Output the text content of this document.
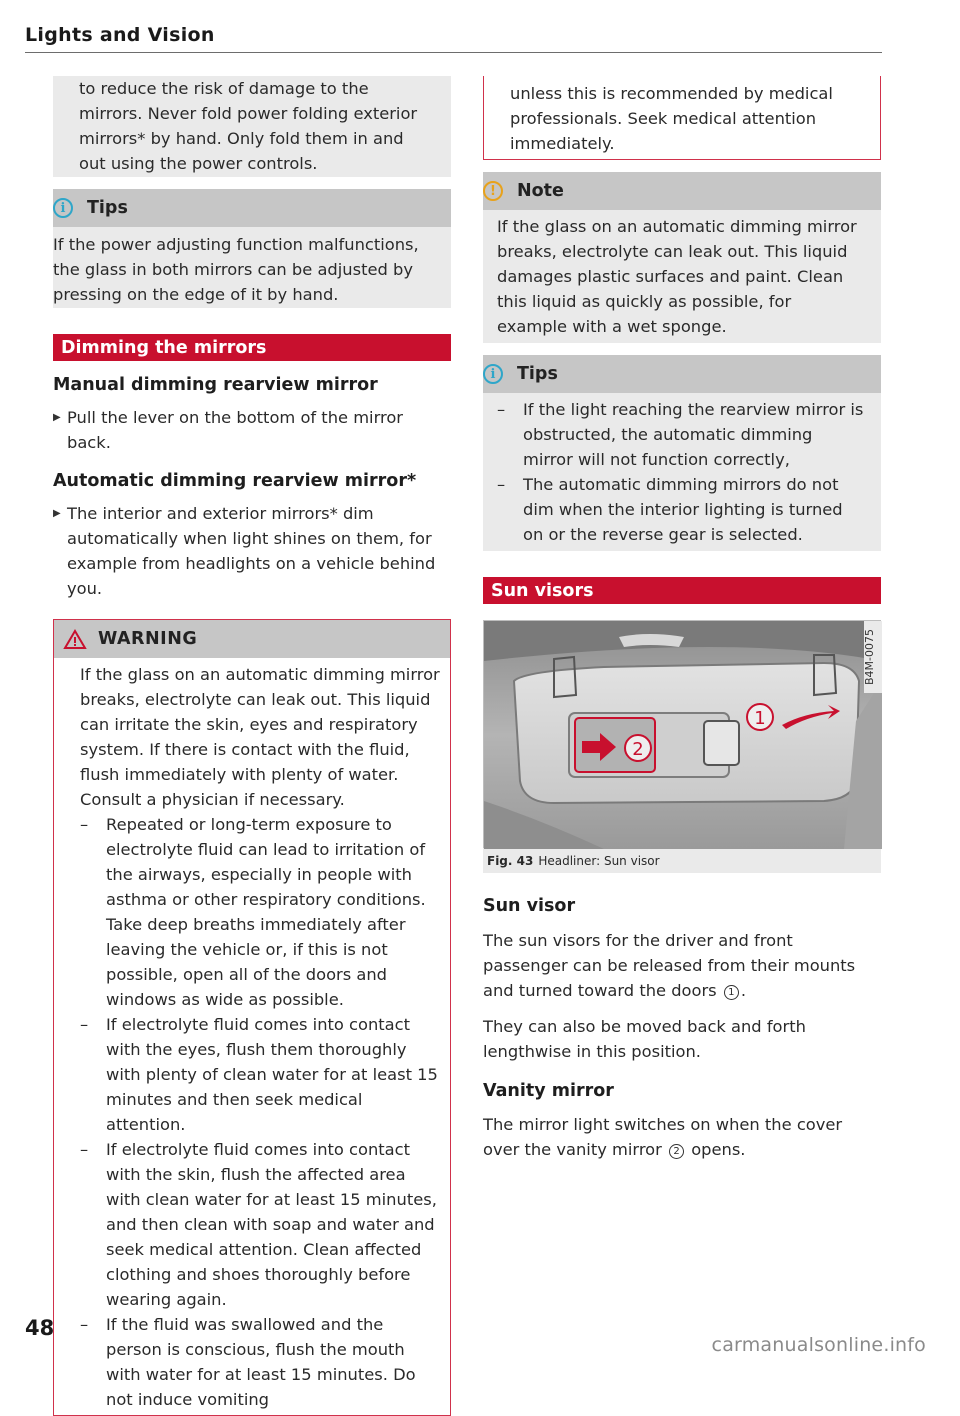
Lights and Vision

to reduce the risk of damage to the mirrors. Never fold power folding exterior mirrors* by hand. Only fold them in and out using the power controls.

i	Tips

If the power adjusting function malfunctions, the glass in both mirrors can be adjusted by pressing on the edge of it by hand.

Dimming the mirrors
Manual dimming rearview mirror

▶ Pull the lever on the bottom of the mirror back.

Automatic dimming rearview mirror*

▶ The interior and exterior mirrors* dim automatically when light shines on them, for example from headlights on a vehicle behind you.

WARNING

If the glass on an automatic dimming mirror breaks, electrolyte can leak out. This liquid can irritate the skin, eyes and respiratory system. If there is contact with the fluid, flush immediately with plenty of water. Consult a physician if necessary.

– Repeated or long-term exposure to electrolyte fluid can lead to irritation of the airways, especially in people with asthma or other respiratory conditions. Take deep breaths immediately after leaving the vehicle or, if this is not possible, open all of the doors and windows as wide as possible.
– If electrolyte fluid comes into contact with the eyes, flush them thoroughly with plenty of clean water for at least 15 minutes and then seek medical attention.
– If electrolyte fluid comes into contact with the skin, flush the affected area with clean water for at least 15 minutes, and then clean with soap and water and seek medical attention. Clean affected clothing and shoes thoroughly before wearing again.
– If the fluid was swallowed and the person is conscious, flush the mouth with water for at least 15 minutes. Do not induce vomiting

unless this is recommended by medical professionals. Seek medical attention immediately.

!	Note

If the glass on an automatic dimming mirror breaks, electrolyte can leak out. This liquid damages plastic surfaces and paint. Clean this liquid as quickly as possible, for example with a wet sponge.

i	Tips
– If the light reaching the rearview mirror is obstructed, the automatic dimming mirror will not function correctly,
– The automatic dimming mirrors do not dim when the interior lighting is turned on or the reverse gear is selected.
Sun visors
2
1
B4M-0075
Fig. 43 Headliner: Sun visor
Sun visor

The sun visors for the driver and front passenger can be released from their mounts and turned toward the doors 1 .

They can also be moved back and forth lengthwise in this position.

Vanity mirror

The mirror light switches on when the cover over the vanity mirror 2 opens.

48
carmanualsonline.info
